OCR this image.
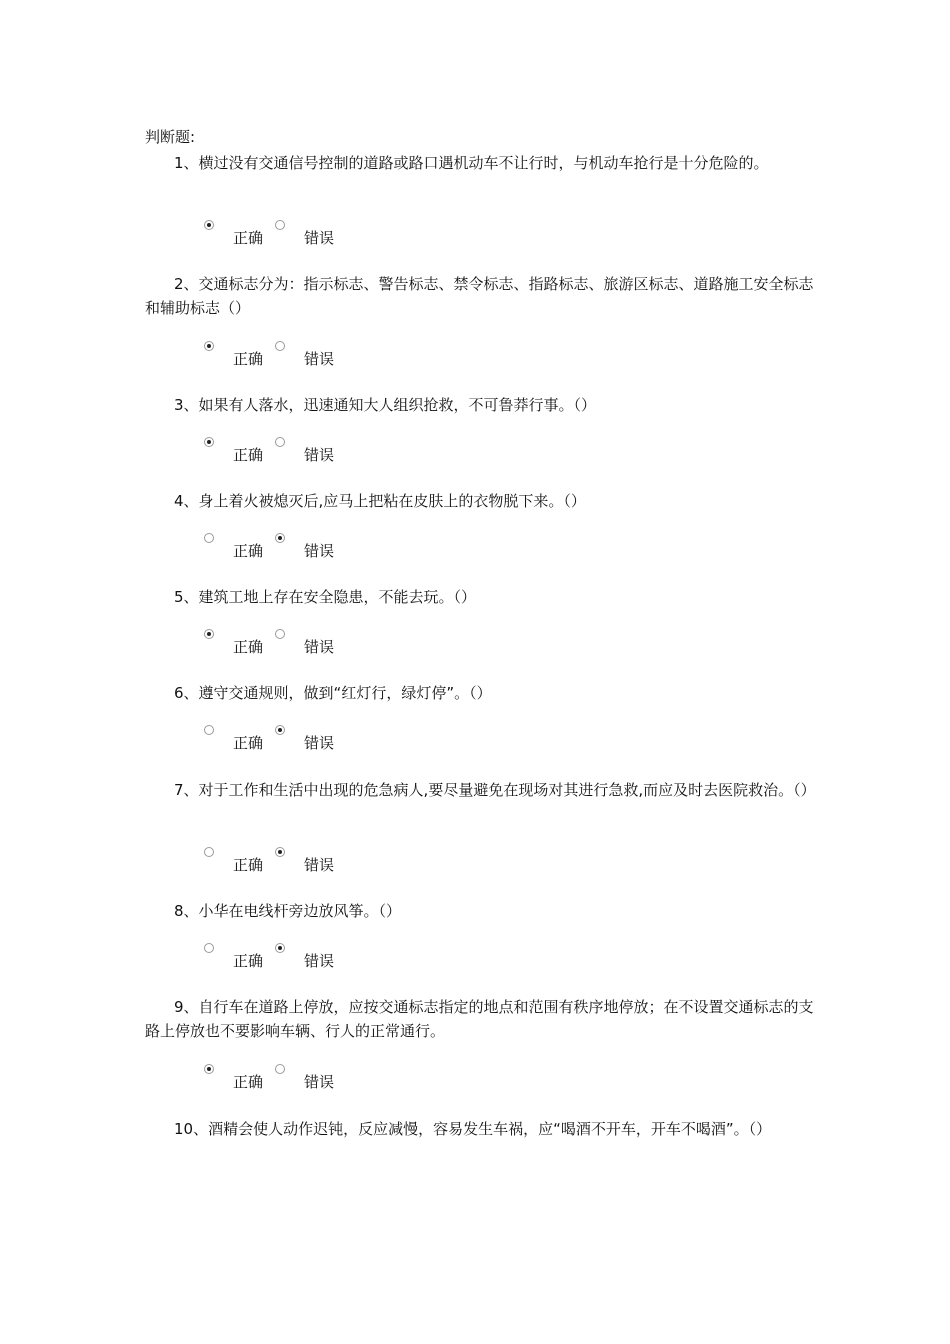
判断题:
1、横过没有交通信号控制的道路或路口遇机动车不让行时，与机动车抢行是十分危险的。
正确	错误
2、交通标志分为：指示标志、警告标志、禁令标志、指路标志、旅游区标志、道路施工安全标志和辅助标志（）
正确	错误
3、如果有人落水，迅速通知大人组织抢救，不可鲁莽行事。（）
正确	错误
4、身上着火被熄灭后,应马上把粘在皮肤上的衣物脱下来。（）
正确	错误
5、建筑工地上存在安全隐患，不能去玩。（）
正确	错误
6、遵守交通规则，做到“红灯行，绿灯停”。（）
正确	错误
7、对于工作和生活中出现的危急病人,要尽量避免在现场对其进行急救,而应及时去医院救治。（）
正确	错误
8、小华在电线杆旁边放风筝。（）
正确	错误
9、自行车在道路上停放，应按交通标志指定的地点和范围有秩序地停放；在不设置交通标志的支路上停放也不要影响车辆、行人的正常通行。
正确	错误
10、酒精会使人动作迟钝，反应减慢，容易发生车祸，应“喝酒不开车，开车不喝酒”。（）
